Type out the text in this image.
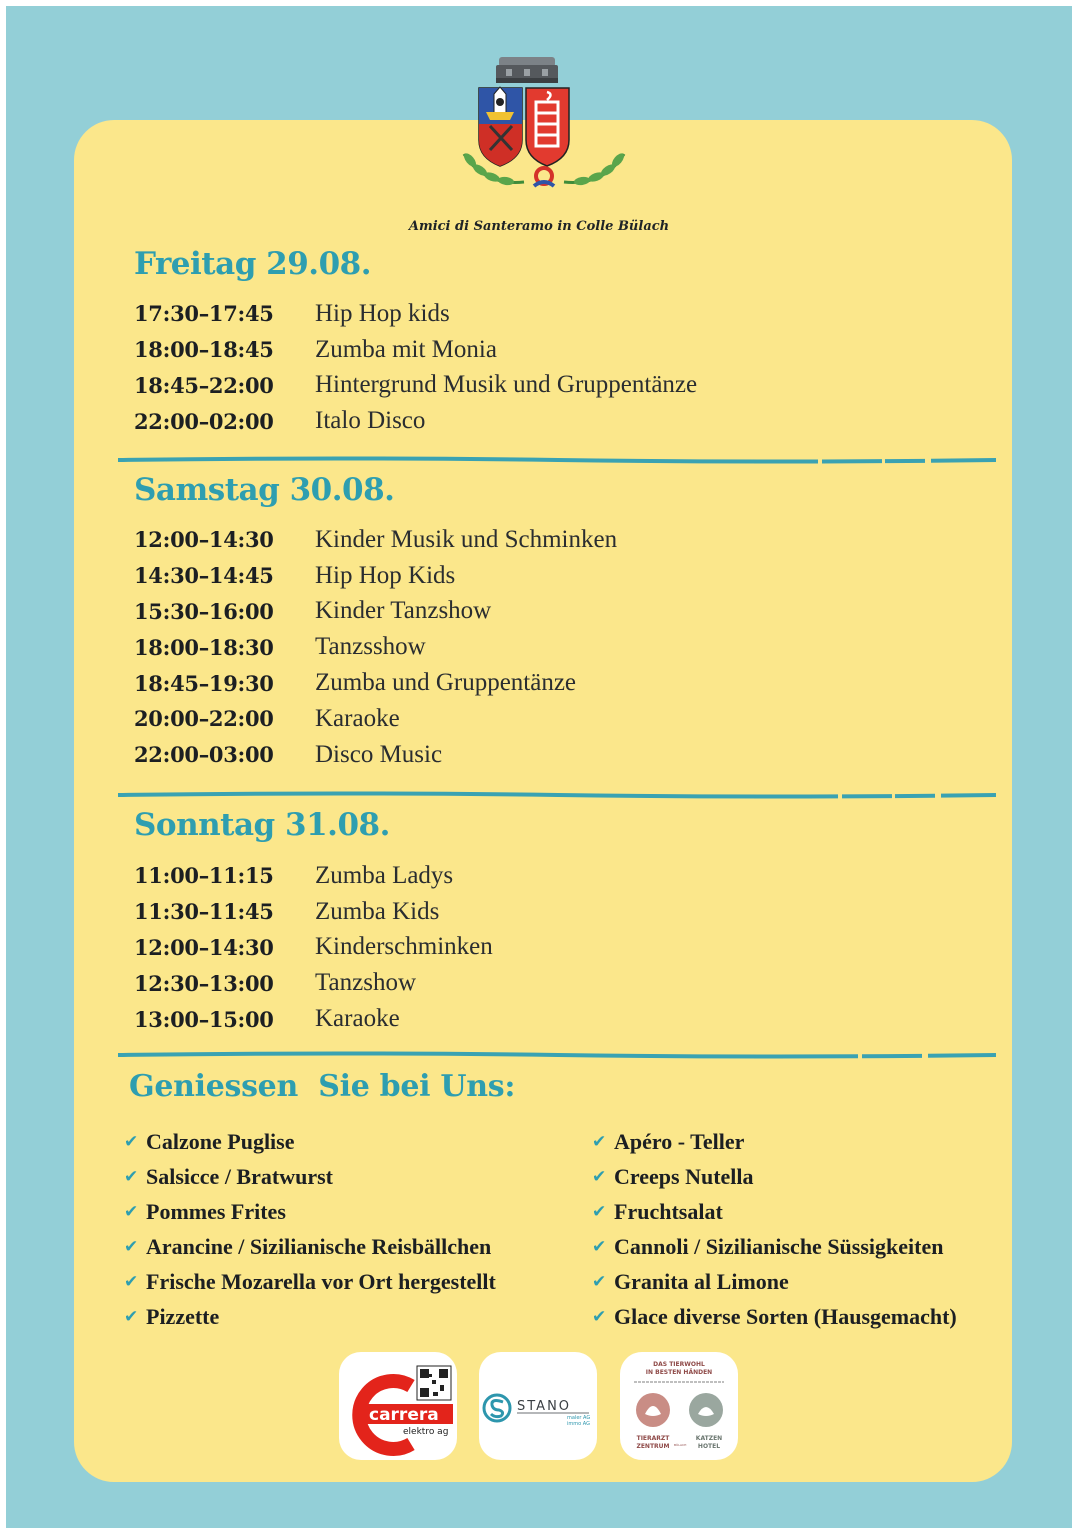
Amici di Santeramo in Colle Bülach
Freitag 29.08.
17:30–17:45	Hip Hop kids
18:00–18:45	Zumba mit Monia
18:45–22:00	Hintergrund Musik und Gruppentänze
22:00–02:00	Italo Disco
Samstag 30.08.
12:00–14:30	Kinder Musik und Schminken
14:30–14:45	Hip Hop Kids
15:30–16:00	Kinder Tanzshow
18:00–18:30	Tanzsshow
18:45–19:30	Zumba und Gruppentänze
20:00–22:00	Karaoke
22:00–03:00	Disco Music
Sonntag 31.08.
11:00–11:15	Zumba Ladys
11:30–11:45	Zumba Kids
12:00–14:30	Kinderschminken
12:30–13:00	Tanzshow
13:00–15:00	Karaoke
Geniessen  Sie bei Uns:
✔ Calzone Puglise
✔ Salsicce / Bratwurst
✔ Pommes Frites
✔ Arancine / Sizilianische Reisbällchen
✔ Frische Mozarella vor Ort hergestellt
✔ Pizzette
✔ Apéro - Teller
✔ Creeps Nutella
✔ Fruchtsalat
✔ Cannoli / Sizilianische Süssigkeiten
✔ Granita al Limone
✔ Glace diverse Sorten (Hausgemacht)
carrera
elektro ag
STANO
maler AG
immo AG
DAS TIERWOHL
IN BESTEN HÄNDEN
TIERARZT
ZENTRUM
KATZEN
HOTEL
BÜLACH
